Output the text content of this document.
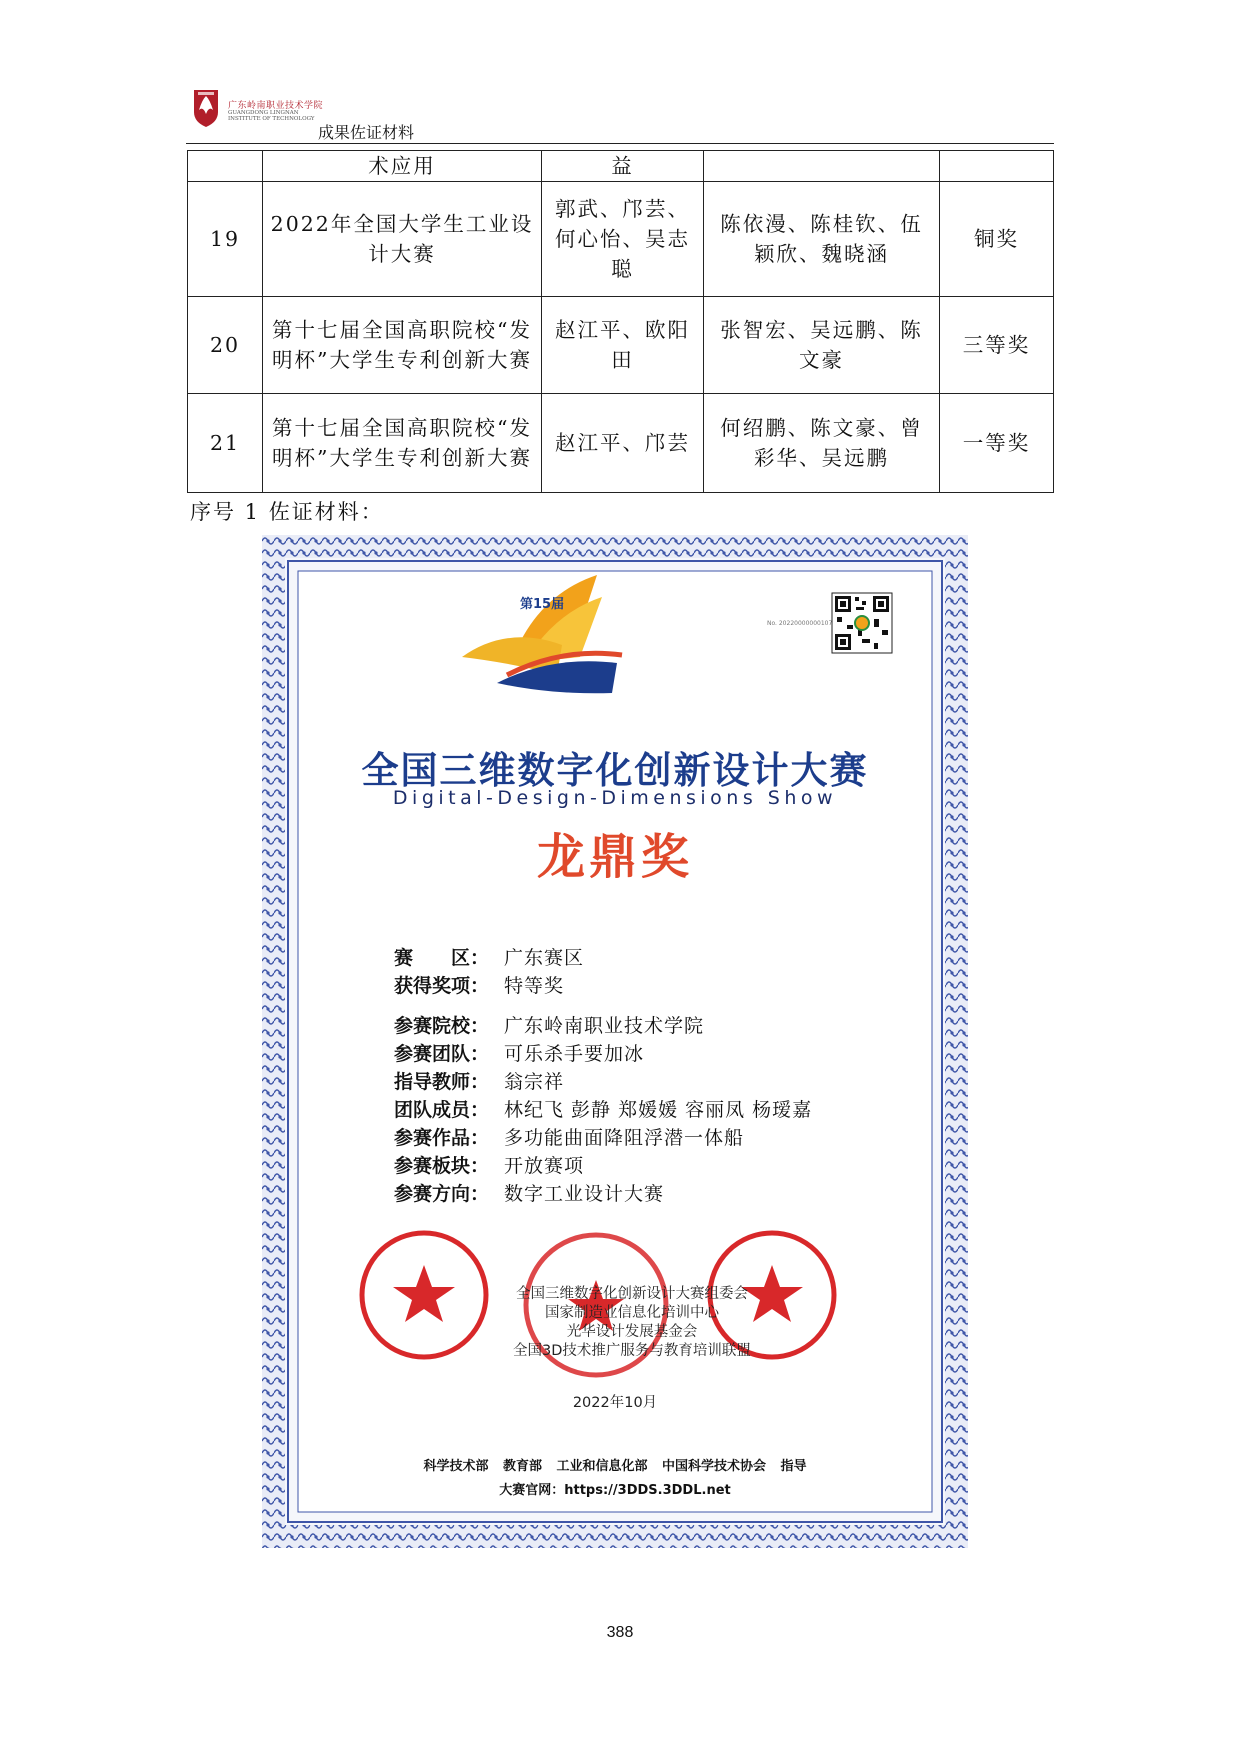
广东岭南职业技术学院
GUANGDONG LINGNAN INSTITUTE OF TECHNOLOGY
成果佐证材料
	术应用	益		
19	2022年全国大学生工业设计大赛	郭武、邝芸、何心怡、吴志聪	陈依漫、陈桂钦、伍颖欣、魏晓涵	铜奖
20	第十七届全国高职院校“发明杯”大学生专利创新大赛	赵江平、欧阳田	张智宏、吴远鹏、陈文豪	三等奖
21	第十七届全国高职院校“发明杯”大学生专利创新大赛	赵江平、邝芸	何绍鹏、陈文豪、曾彩华、吴远鹏	一等奖
序号 1 佐证材料：
第15届
No. 20220000000107
全国三维数字化创新设计大赛
Digital-Design-Dimensions Show
龙鼎奖
赛　　区： 广东赛区
获得奖项： 特等奖
参赛院校： 广东岭南职业技术学院
参赛团队： 可乐杀手要加冰
指导教师： 翁宗祥
团队成员： 林纪飞 彭静 郑媛媛 容丽凤 杨瑷嘉
参赛作品： 多功能曲面降阻浮潜一体船
参赛板块： 开放赛项
参赛方向： 数字工业设计大赛
全国三维数字化创新设计大赛组委会
国家制造业信息化培训中心
光华设计发展基金会
全国3D技术推广服务与教育培训联盟
2022年10月
科学技术部 教育部 工业和信息化部 中国科学技术协会 指导
大赛官网：https://3DDS.3DDL.net
388
